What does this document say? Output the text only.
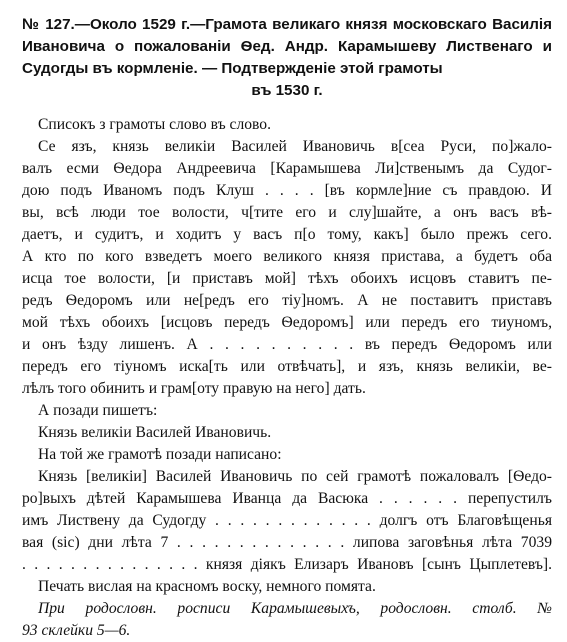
№ 127.—Около 1529 г.—Грамота великаго князя московскаго Василія Ивановича о пожалованіи Ѳед. Андр. Карамышеву Лиственаго и Судогды въ кормленіе. — Подтвержденіе этой грамоты
въ 1530 г.
Списокъ з грамоты слово въ слово.
Се язъ, князь великіи Василей Ивановичь в[сеа Руси, по]жало-
валъ есми Ѳедора Андреевича [Карамышева Ли]ственымъ да Судог-
дою подъ Иваномъ подъ Клуш . . . . [въ кормле]ние съ правдою. И
вы, всѣ люди тое волости, ч[тите его и слу]шайте, а онъ васъ вѣ-
даетъ, и судитъ, и ходитъ у васъ п[о тому, какъ] было прежъ сего.
А кто по кого взведетъ моего великого князя пристава, а будетъ оба
исца тое волости, [и приставъ мой] тѣхъ обоихъ исцовъ ставитъ пе-
редъ Ѳедоромъ или не[редъ его тіу]номъ. А не поставитъ приставъ
мой тѣхъ обоихъ [исцовъ передъ Ѳедоромъ] или передъ его тиуномъ,
и онъ ѣзду лишенъ. А . . . . . . . . . . въ передъ Ѳедоромъ или
передъ его тіуномъ иска[ть или отвѣчать], и язъ, князь великіи, ве-
лѣлъ того обинить и грам[оту правую на него] дать.
А позади пишетъ:
Князь великіи Василей Ивановичь.
На той же грамотѣ позади написано:
Князь [великіи] Василей Ивановичь по сей грамотѣ пожаловалъ [Ѳедо-
ро]выхъ дѣтей Карамышева Иванца да Васюка . . . . . . перепустилъ
имъ Листвену да Судогду . . . . . . . . . . . . . долгъ отъ Благовѣщенья
вая (sic) дни лѣта 7 . . . . . . . . . . . . . . липова заговѣнья лѣта 7039
. . . . . . . . . . . . . . . князя діякъ Елизаръ Ивановъ [сынъ Цыплетевъ].
Печать вислая на красномъ воску, немного помята.
При родословн. росписи Карамышевыхъ, родословн. столб. №
93 склейки 5—6.
